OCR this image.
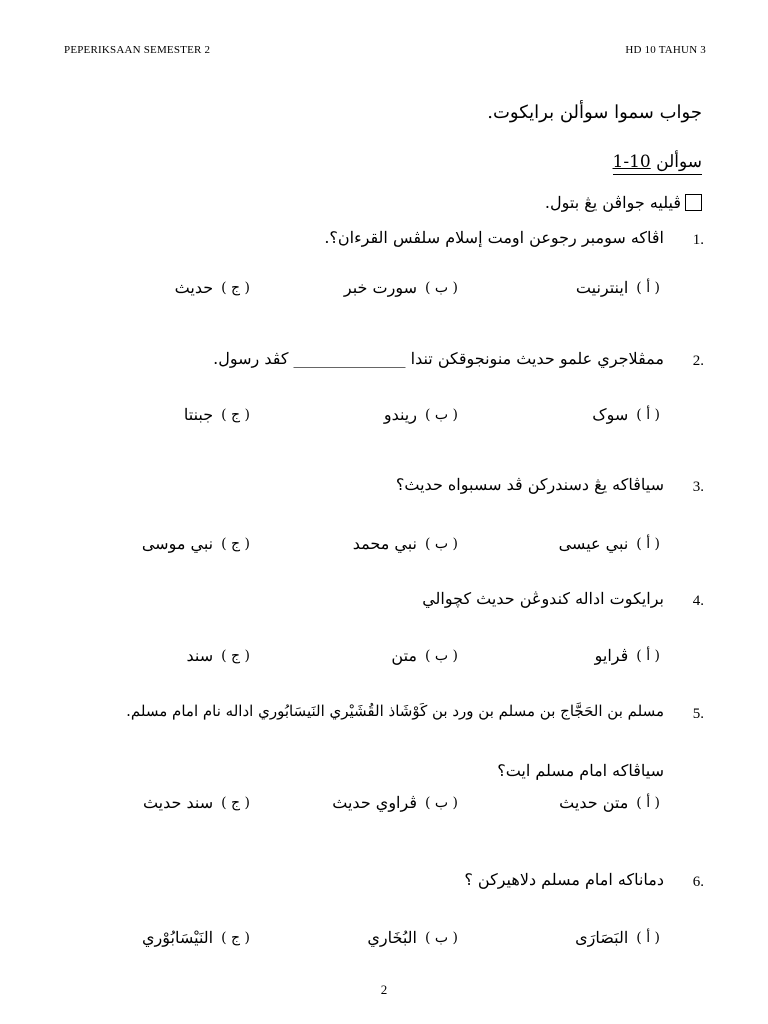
PEPERIKSAAN SEMESTER 2	HD 10 TAHUN 3
جواب سموا سوألن برايكوت.
سوألن 1-10
ڤيليه جواڤن يڠ بتول.
1.
اڤاكه سومبر رجوعن اومت إسلام سلڤس القرءان؟.
( أ )
اينترنيت
( ب )
سورت خبر
( ج )
حديث
2.
ممڤلاجري علمو حديث منونجوقكن تندا ______________ كڤد رسول.
( أ )
سوک
( ب )
ريندو
( ج )
جبنتا
3.
سياڤاكه يڠ دسندركن ڤد سسبواه حديث؟
( أ )
نبي عيسى
( ب )
نبي محمد
( ج )
نبي موسى
4.
برايكوت اداله كندوڠن حديث كچوالي
( أ )
ڤرايو
( ب )
متن
( ج )
سند
5.
مسلم بن الحَجَّاج بن مسلم بن ورد بن كَوْشَاذ القُشَيْري النَيسَابُوري اداله نام امام مسلم.
سياڤاكه امام مسلم ايت؟
( أ )
متن حديث
( ب )
ڤراوي حديث
( ج )
سند حديث
6.
دماناكه امام مسلم دلاهيركن ؟
( أ )
البَصَارَى
( ب )
البُخَاري
( ج )
النَيْسَابُوْري
2
